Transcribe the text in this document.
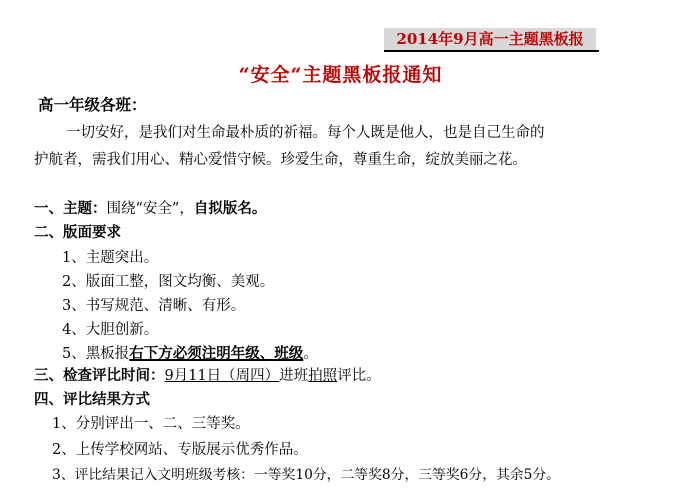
2014年9月高一主题黑板报
“安全“主题黑板报通知
高一年级各班：
一切安好，是我们对生命最朴质的祈福。每个人既是他人，也是自己生命的
护航者，需我们用心、精心爱惜守候。珍爱生命，尊重生命，绽放美丽之花。
一、主题：围绕“安全”，自拟版名。
二、版面要求
1、主题突出。
2、版面工整，图文均衡、美观。
3、书写规范、清晰、有形。
4、大胆创新。
5、黑板报右下方必须注明年级、班级。
三、检查评比时间：9月11日（周四）进班拍照评比。
四、评比结果方式
1、分别评出一、二、三等奖。
2、上传学校网站、专版展示优秀作品。
3、评比结果记入文明班级考核：一等奖10分，二等奖8分，三等奖6分，其余5分。
